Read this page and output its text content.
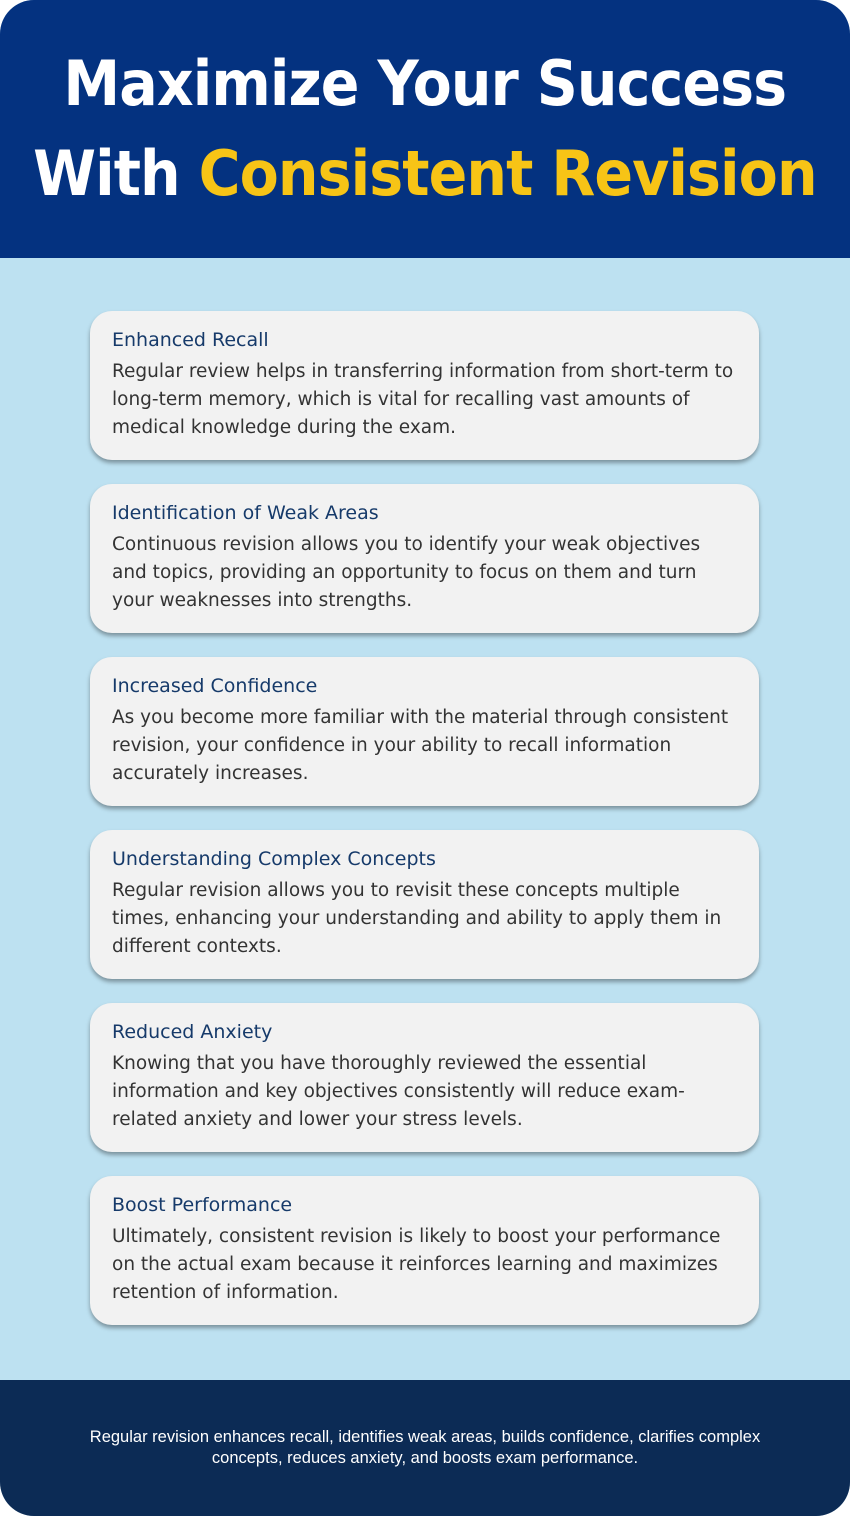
Maximize Your Success
With Consistent Revision
Enhanced Recall
Regular review helps in transferring information from short-term to long-term memory, which is vital for recalling vast amounts of medical knowledge during the exam.
Identification of Weak Areas
Continuous revision allows you to identify your weak objectives and topics, providing an opportunity to focus on them and turn your weaknesses into strengths.
Increased Confidence
As you become more familiar with the material through consistent revision, your confidence in your ability to recall information accurately increases.
Understanding Complex Concepts
Regular revision allows you to revisit these concepts multiple times, enhancing your understanding and ability to apply them in different contexts.
Reduced Anxiety
Knowing that you have thoroughly reviewed the essential information and key objectives consistently will reduce exam-related anxiety and lower your stress levels.
Boost Performance
Ultimately, consistent revision is likely to boost your performance on the actual exam because it reinforces learning and maximizes retention of information.
Regular revision enhances recall, identifies weak areas, builds confidence, clarifies complex concepts, reduces anxiety, and boosts exam performance.
